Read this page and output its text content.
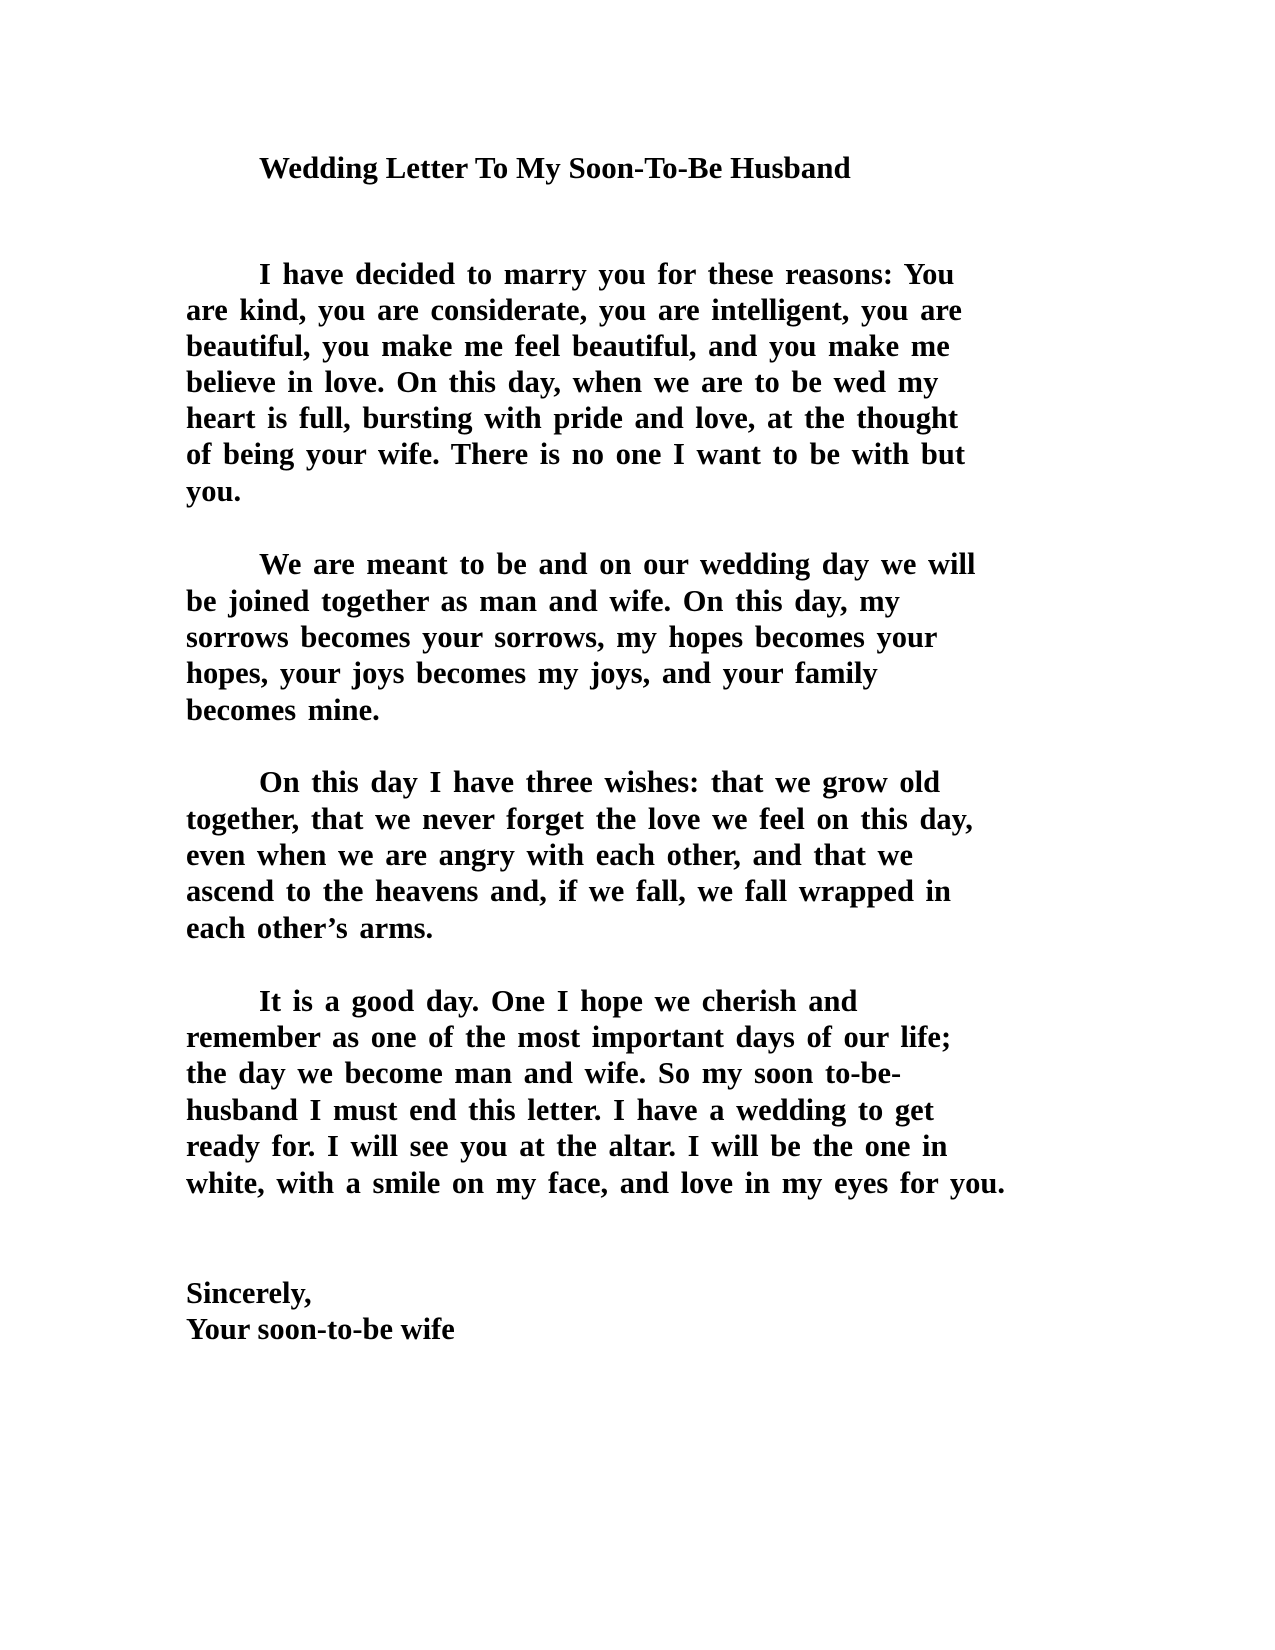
Wedding Letter To My Soon-To-Be Husband

I have decided to marry you for these reasons: You

are kind, you are considerate, you are intelligent, you are

beautiful, you make me feel beautiful, and you make me

believe in love. On this day, when we are to be wed my

heart is full, bursting with pride and love, at the thought

of being your wife. There is no one I want to be with but

you.

We are meant to be and on our wedding day we will

be joined together as man and wife. On this day, my

sorrows becomes your sorrows, my hopes becomes your

hopes, your joys becomes my joys, and your family

becomes mine.

On this day I have three wishes: that we grow old

together, that we never forget the love we feel on this day,

even when we are angry with each other, and that we

ascend to the heavens and, if we fall, we fall wrapped in

each other’s arms.

It is a good day. One I hope we cherish and

remember as one of the most important days of our life;

the day we become man and wife. So my soon to-be-

husband I must end this letter. I have a wedding to get

ready for. I will see you at the altar. I will be the one in

white, with a smile on my face, and love in my eyes for you.

Sincerely,

Your soon-to-be wife
